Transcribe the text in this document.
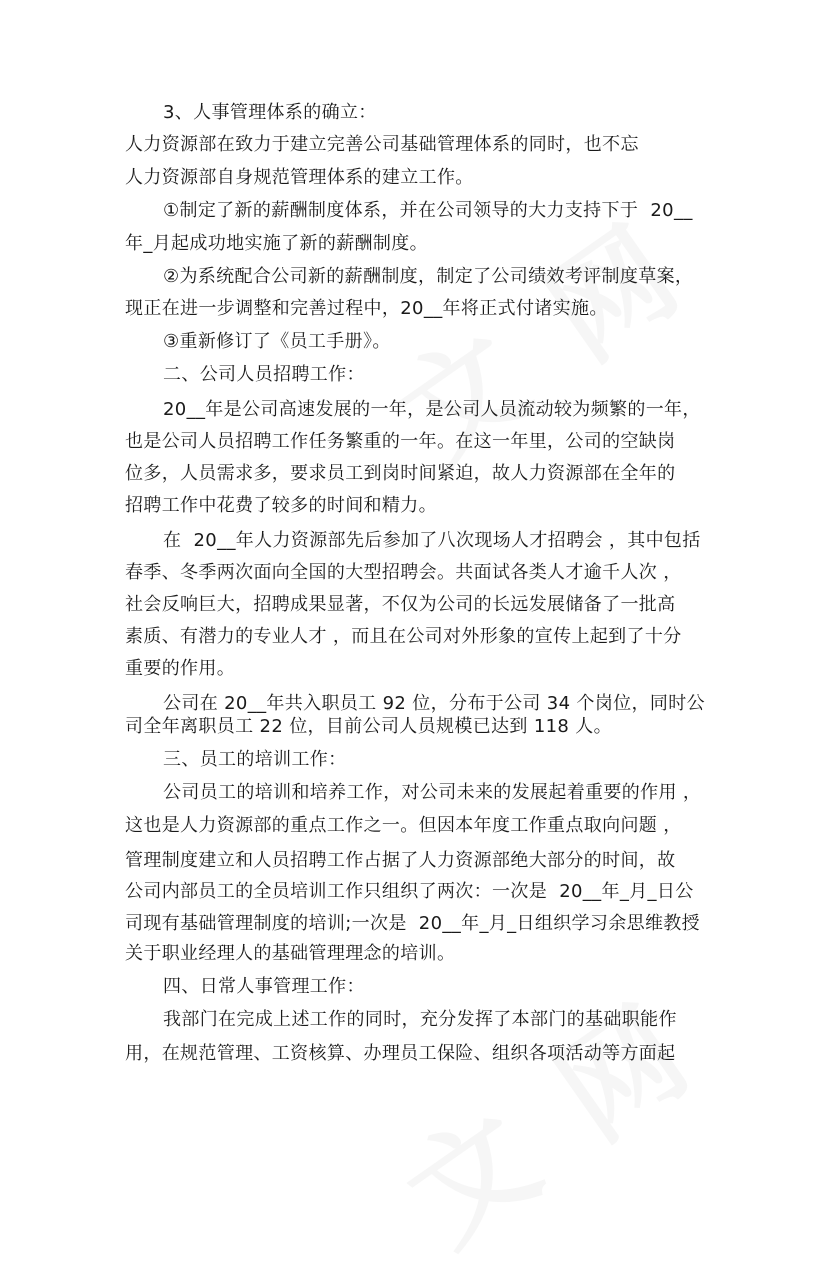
3、人事管理体系的确立：

人力资源部在致力于建立完善公司基础管理体系的同时，也不忘

人力资源部自身规范管理体系的建立工作。

①制定了新的薪酬制度体系，并在公司领导的大力支持下于  20__

年_月起成功地实施了新的薪酬制度。

②为系统配合公司新的薪酬制度，制定了公司绩效考评制度草案，

现正在进一步调整和完善过程中，20__年将正式付诸实施。

③重新修订了《员工手册》。

二、公司人员招聘工作：

20__年是公司高速发展的一年，是公司人员流动较为频繁的一年，

也是公司人员招聘工作任务繁重的一年。在这一年里，公司的空缺岗

位多，人员需求多，要求员工到岗时间紧迫，故人力资源部在全年的

招聘工作中花费了较多的时间和精力。

在  20__年人力资源部先后参加了八次现场人才招聘会 ，其中包括

春季、冬季两次面向全国的大型招聘会。共面试各类人才逾千人次 ，

社会反响巨大，招聘成果显著，不仅为公司的长远发展储备了一批高

素质、有潜力的专业人才 ，而且在公司对外形象的宣传上起到了十分

重要的作用。

公司在 20__年共入职员工 92 位，分布于公司 34 个岗位，同时公

司全年离职员工 22 位，目前公司人员规模已达到 118 人。

三、员工的培训工作：

公司员工的培训和培养工作，对公司未来的发展起着重要的作用 ，

这也是人力资源部的重点工作之一。但因本年度工作重点取向问题 ，

管理制度建立和人员招聘工作占据了人力资源部绝大部分的时间，故

公司内部员工的全员培训工作只组织了两次：一次是  20__年_月_日公

司现有基础管理制度的培训;一次是  20__年_月_日组织学习余思维教授

关于职业经理人的基础管理理念的培训。

四、日常人事管理工作：

我部门在完成上述工作的同时，充分发挥了本部门的基础职能作

用，在规范管理、工资核算、办理员工保险、组织各项活动等方面起
